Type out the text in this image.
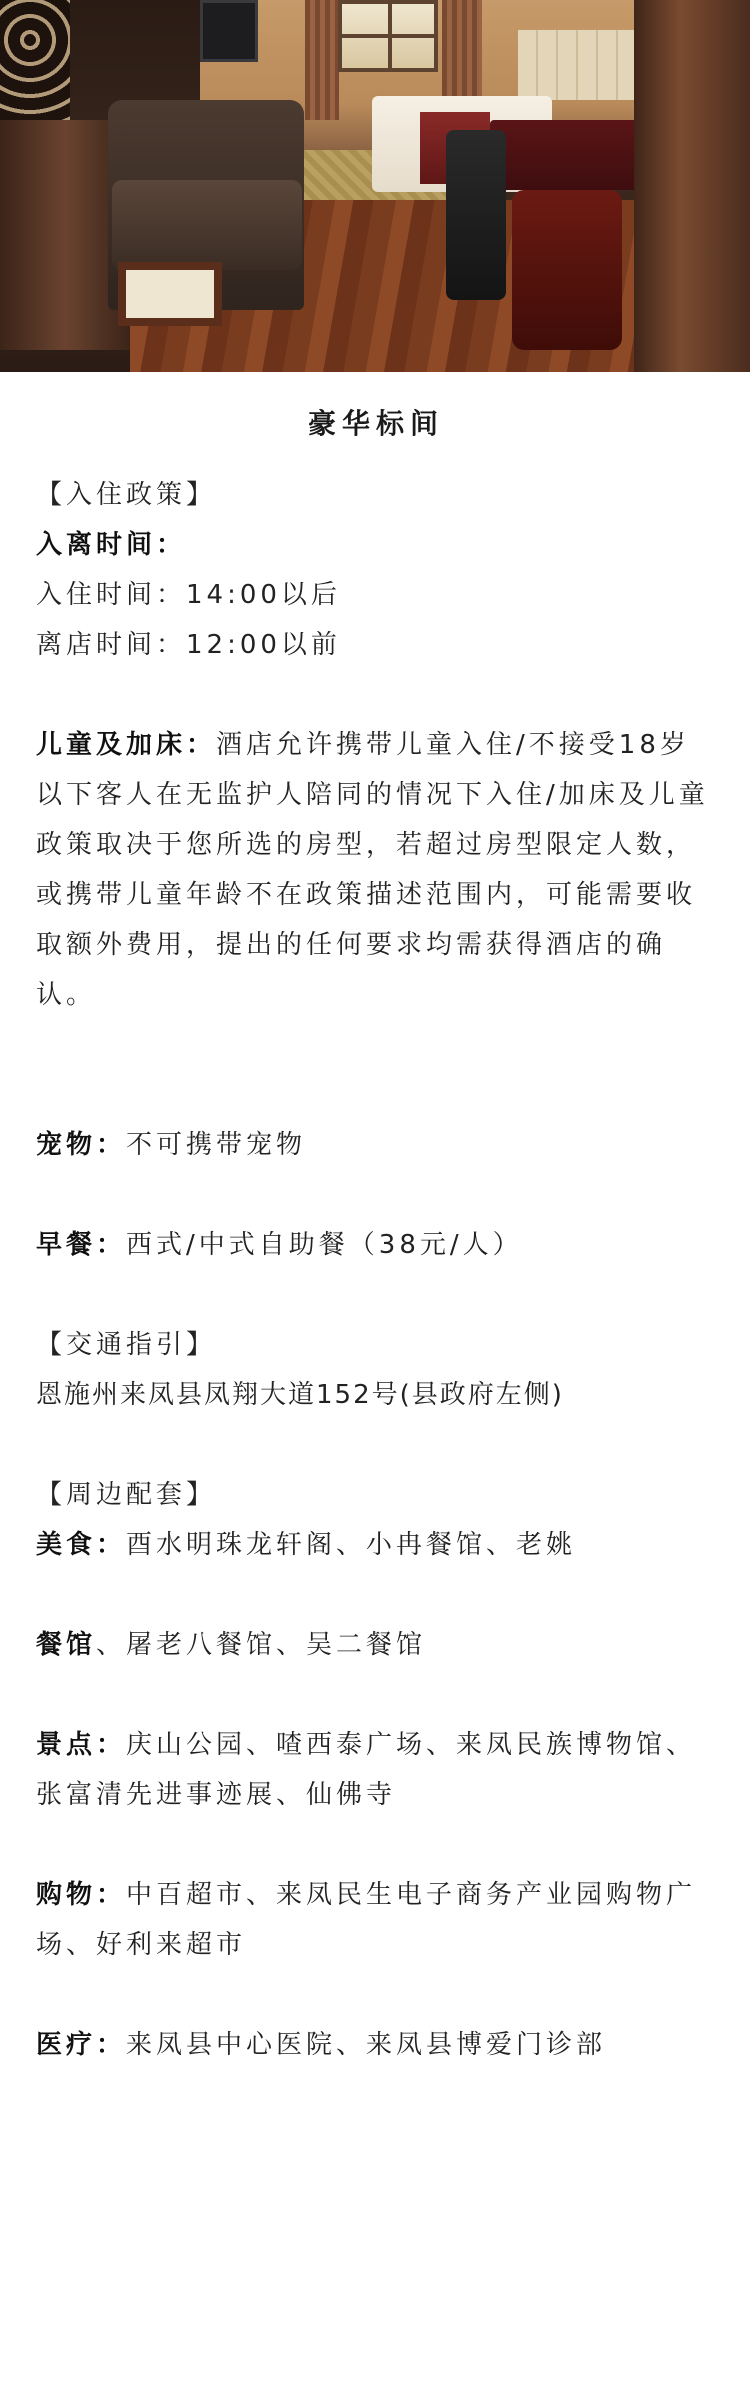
豪华标间
【入住政策】
入离时间：
入住时间：14:00以后
离店时间：12:00以前
儿童及加床：酒店允许携带儿童入住/不接受18岁以下客人在无监护人陪同的情况下入住/加床及儿童政策取决于您所选的房型，若超过房型限定人数，或携带儿童年龄不在政策描述范围内，可能需要收取额外费用，提出的任何要求均需获得酒店的确认。
宠物：不可携带宠物
早餐：西式/中式自助餐（38元/人）
【交通指引】
恩施州来凤县凤翔大道152号(县政府左侧)
【周边配套】
美食：酉水明珠龙轩阁、小冉餐馆、老姚
餐馆、屠老八餐馆、吴二餐馆
景点：庆山公园、喳西泰广场、来凤民族博物馆、张富清先进事迹展、仙佛寺
购物：中百超市、来凤民生电子商务产业园购物广场、好利来超市
医疗：来凤县中心医院、来凤县博爱门诊部
